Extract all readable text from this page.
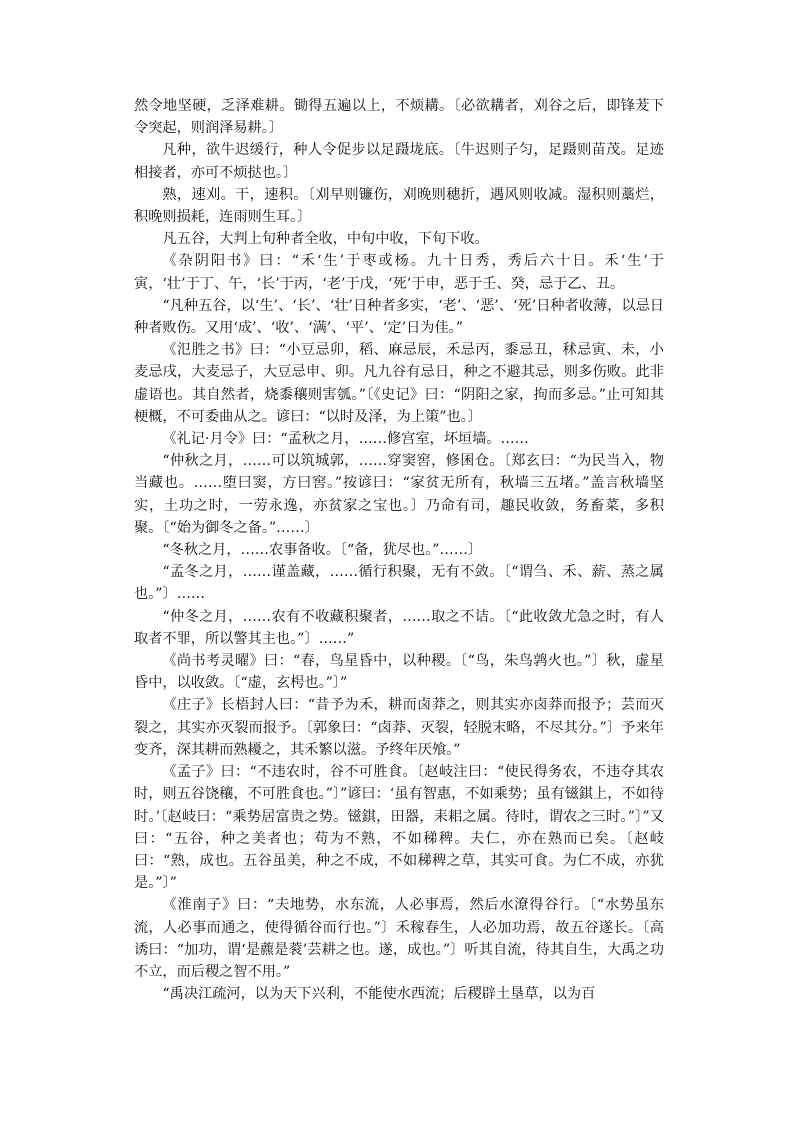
然令地坚硬，乏泽难耕。锄得五遍以上，不烦耩。〔必欲耩者，刈谷之后，即锋茇下令突起，则润泽易耕。〕

凡种，欲牛迟缓行，种人令促步以足蹑垅底。〔牛迟则子匀，足蹑则苗茂。足迹相接者，亦可不烦挞也。〕

熟，速刈。干，速积。〔刈早则镰伤，刈晚则穗折，遇风则收减。湿积则藁烂，积晚则损耗，连雨则生耳。〕

凡五谷，大判上旬种者全收，中旬中收，下旬下收。

《杂阴阳书》曰：“禾‘生’于枣或杨。九十日秀，秀后六十日。禾‘生’于寅，‘壮’于丁、午，‘长’于丙，‘老’于戊，‘死’于申，恶于壬、癸，忌于乙、丑。

“凡种五谷，以‘生’、‘长’、‘壮’日种者多实，‘老’、‘恶’、‘死’日种者收薄，以忌日种者败伤。又用‘成’、‘收’、‘满’、‘平’、‘定’日为佳。”

《氾胜之书》曰：“小豆忌卯，稻、麻忌辰，禾忌丙，黍忌丑，秫忌寅、未，小麦忌戌，大麦忌子，大豆忌申、卯。凡九谷有忌日，种之不避其忌，则多伤败。此非虚语也。其自然者，烧黍穰则害瓠。”〔《史记》曰：“阴阳之家，拘而多忌。”止可知其梗概，不可委曲从之。谚曰：“以时及泽，为上策”也。〕

《礼记·月令》曰：“孟秋之月，……修宫室，坏垣墙。……

“仲秋之月，……可以筑城郭，……穿窦窖，修囷仓。〔郑玄曰：“为民当入，物当藏也。……堕曰窦，方曰窖。”按谚曰：“家贫无所有，秋墙三五堵。”盖言秋墙坚实，土功之时，一劳永逸，亦贫家之宝也。〕乃命有司，趣民收敛，务畜菜，多积聚。〔“始为御冬之备。”……〕

“冬秋之月，……农事备收。〔“备，犹尽也。”……〕

“孟冬之月，……谨盖藏，……循行积聚，无有不敛。〔“谓刍、禾、薪、蒸之属也。”〕……

“仲冬之月，……农有不收藏积聚者，……取之不诘。〔“此收敛尤急之时，有人取者不罪，所以警其主也。”〕……”

《尚书考灵曜》曰：“春，鸟星昏中，以种稷。〔“鸟，朱鸟鹑火也。”〕秋，虚星昏中，以收敛。〔“虚，玄枵也。”〕”

《庄子》长梧封人曰：“昔予为禾，耕而卤莽之，则其实亦卤莽而报予；芸而灭裂之，其实亦灭裂而报予。〔郭象曰：“卤莽、灭裂，轻脱末略，不尽其分。”〕予来年变齐，深其耕而熟耰之，其禾繁以滋。予终年厌飧。”

《孟子》曰：“不违农时，谷不可胜食。〔赵岐注曰：“使民得务农，不违夺其农时，则五谷饶穰，不可胜食也。”〕”谚曰：‘虽有智惠，不如乘势；虽有镃錤上，不如待时。’〔赵岐曰：“乘势居富贵之势。镃錤，田器，耒耜之属。待时，谓农之三时。”〕”又曰：“五谷，种之美者也；苟为不熟，不如稊稗。夫仁，亦在熟而已矣。〔赵岐曰：“熟，成也。五谷虽美，种之不成，不如稊稗之草，其实可食。为仁不成，亦犹是。”〕”

《淮南子》曰：“夫地势，水东流，人必事焉，然后水潦得谷行。〔“水势虽东流，人必事而通之，使得循谷而行也。”〕禾稼春生，人必加功焉，故五谷遂长。〔高诱曰：“加功，谓‘是藨是蓘’芸耕之也。遂，成也。”〕听其自流，待其自生，大禹之功不立，而后稷之智不用。”

“禹决江疏河，以为天下兴利，不能使水西流；后稷辟土垦草，以为百
